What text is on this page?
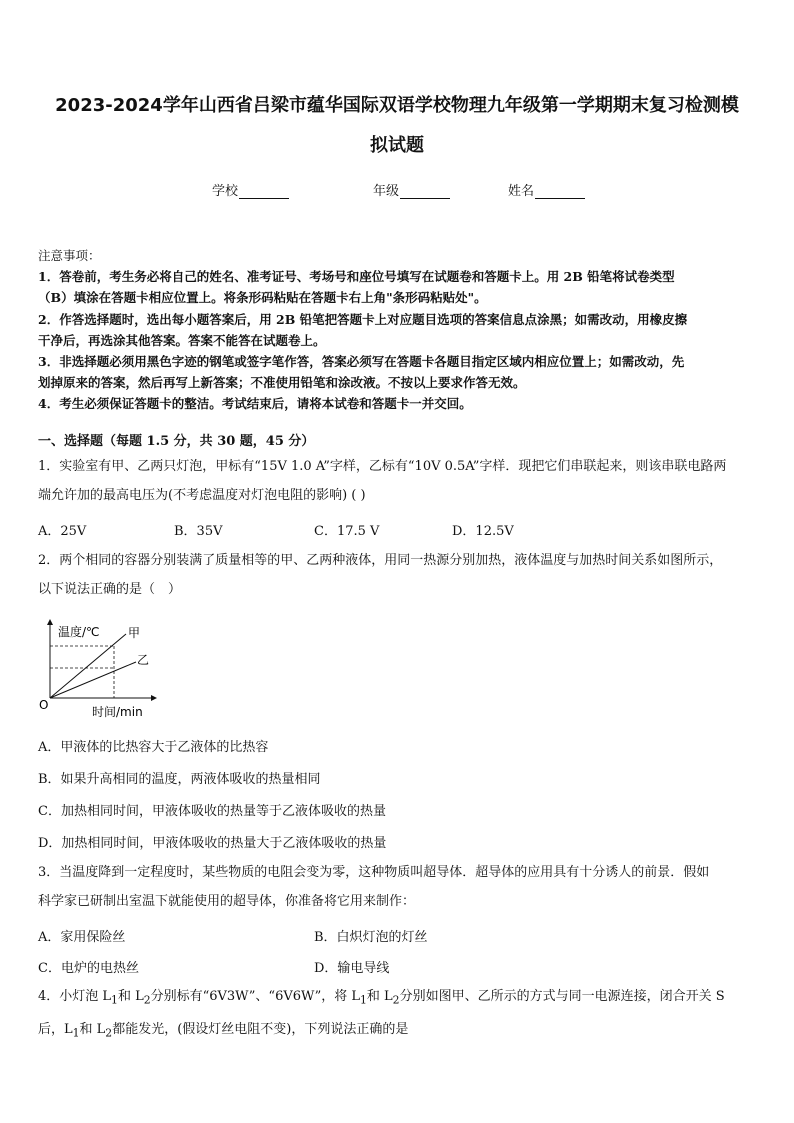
2023-2024学年山西省吕梁市蕴华国际双语学校物理九年级第一学期期末复习检测模
拟试题
学校	年级	姓名
注意事项：
1．答卷前，考生务必将自己的姓名、准考证号、考场号和座位号填写在试题卷和答题卡上。用 2B 铅笔将试卷类型
（B）填涂在答题卡相应位置上。将条形码粘贴在答题卡右上角"条形码粘贴处"。
2．作答选择题时，选出每小题答案后，用 2B 铅笔把答题卡上对应题目选项的答案信息点涂黑；如需改动，用橡皮擦
干净后，再选涂其他答案。答案不能答在试题卷上。
3．非选择题必须用黑色字迹的钢笔或签字笔作答，答案必须写在答题卡各题目指定区域内相应位置上；如需改动，先
划掉原来的答案，然后再写上新答案；不准使用铅笔和涂改液。不按以上要求作答无效。
4．考生必须保证答题卡的整洁。考试结束后，请将本试卷和答题卡一并交回。
一、选择题（每题 1.5 分，共 30 题，45 分）
1．实验室有甲、乙两只灯泡，甲标有“15V 1.0 A”字样，乙标有“10V 0.5A”字样．现把它们串联起来，则该串联电路两
端允许加的最高电压为(不考虑温度对灯泡电阻的影响) ( )
A．25V	B．35V	C．17.5 V	D．12.5V
2．两个相同的容器分别装满了质量相等的甲、乙两种液体，用同一热源分别加热，液体温度与加热时间关系如图所示，
以下说法正确的是（　）
温度/℃
时间/min
O
甲
乙
A．甲液体的比热容大于乙液体的比热容
B．如果升高相同的温度，两液体吸收的热量相同
C．加热相同时间，甲液体吸收的热量等于乙液体吸收的热量
D．加热相同时间，甲液体吸收的热量大于乙液体吸收的热量
3．当温度降到一定程度时，某些物质的电阻会变为零，这种物质叫超导体．超导体的应用具有十分诱人的前景．假如
科学家已研制出室温下就能使用的超导体，你准备将它用来制作：
A．家用保险丝	B．白炽灯泡的灯丝
C．电炉的电热丝	D．输电导线
4．小灯泡 $L_1$和 $L_2$分别标有“6V3W”、“6V6W”，将 $L_1$和 $L_2$分别如图甲、乙所示的方式与同一电源连接，闭合开关 S
后，$L_1$和 $L_2$都能发光，(假设灯丝电阻不变)，下列说法正确的是
